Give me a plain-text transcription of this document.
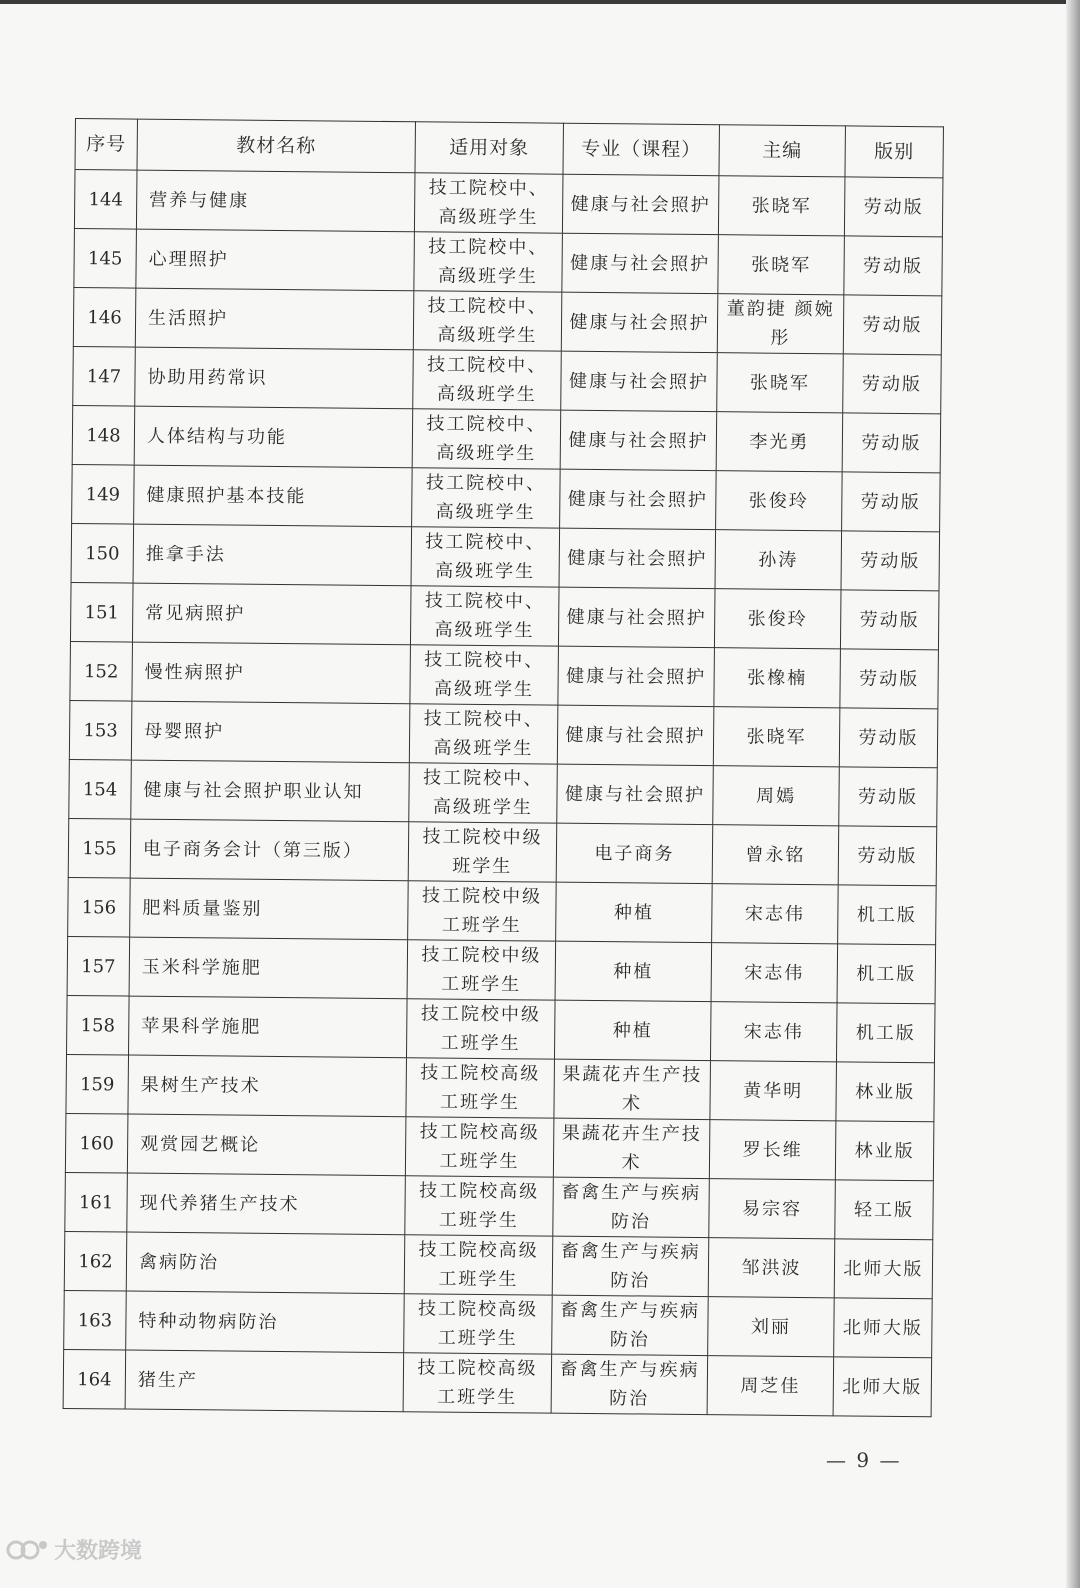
序号	教材名称	适用对象	专业（课程）	主编	版别
144	营养与健康	技工院校中、高级班学生	健康与社会照护	张晓军	劳动版
145	心理照护	技工院校中、高级班学生	健康与社会照护	张晓军	劳动版
146	生活照护	技工院校中、高级班学生	健康与社会照护	董韵捷 颜婉彤	劳动版
147	协助用药常识	技工院校中、高级班学生	健康与社会照护	张晓军	劳动版
148	人体结构与功能	技工院校中、高级班学生	健康与社会照护	李光勇	劳动版
149	健康照护基本技能	技工院校中、高级班学生	健康与社会照护	张俊玲	劳动版
150	推拿手法	技工院校中、高级班学生	健康与社会照护	孙涛	劳动版
151	常见病照护	技工院校中、高级班学生	健康与社会照护	张俊玲	劳动版
152	慢性病照护	技工院校中、高级班学生	健康与社会照护	张橡楠	劳动版
153	母婴照护	技工院校中、高级班学生	健康与社会照护	张晓军	劳动版
154	健康与社会照护职业认知	技工院校中、高级班学生	健康与社会照护	周嫣	劳动版
155	电子商务会计（第三版）	技工院校中级班学生	电子商务	曾永铭	劳动版
156	肥料质量鉴别	技工院校中级工班学生	种植	宋志伟	机工版
157	玉米科学施肥	技工院校中级工班学生	种植	宋志伟	机工版
158	苹果科学施肥	技工院校中级工班学生	种植	宋志伟	机工版
159	果树生产技术	技工院校高级工班学生	果蔬花卉生产技术	黄华明	林业版
160	观赏园艺概论	技工院校高级工班学生	果蔬花卉生产技术	罗长维	林业版
161	现代养猪生产技术	技工院校高级工班学生	畜禽生产与疾病防治	易宗容	轻工版
162	禽病防治	技工院校高级工班学生	畜禽生产与疾病防治	邹洪波	北师大版
163	特种动物病防治	技工院校高级工班学生	畜禽生产与疾病防治	刘丽	北师大版
164	猪生产	技工院校高级工班学生	畜禽生产与疾病防治	周芝佳	北师大版
— 9 —
大数跨境
